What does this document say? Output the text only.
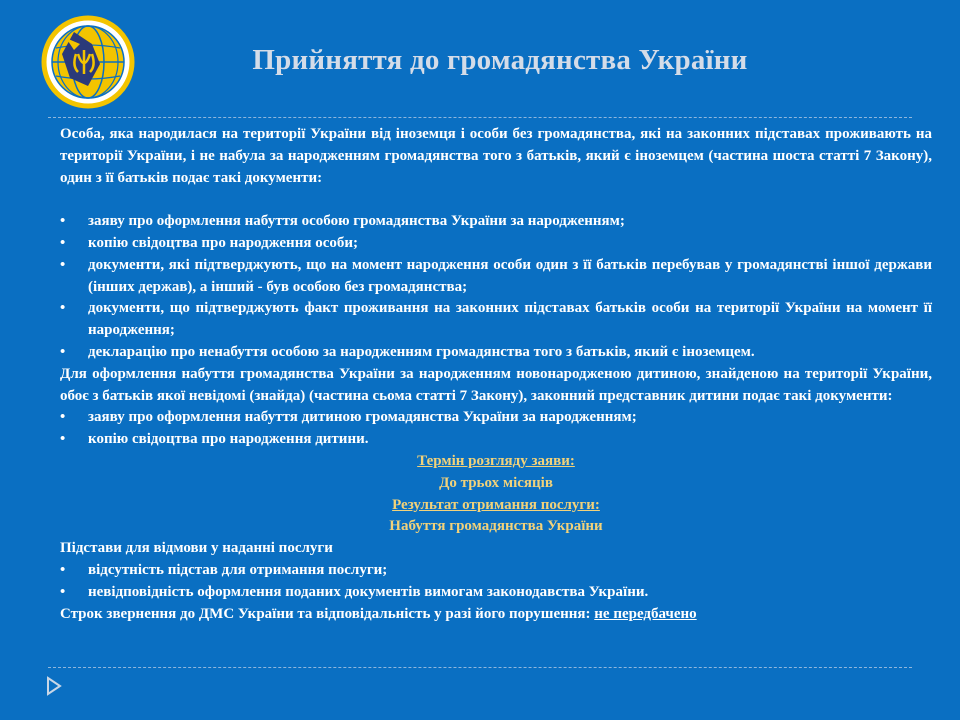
Прийняття до громадянства України

Особа, яка народилася на території України від іноземця і особи без громадянства, які на законних підставах проживають на території України, і не набула за народженням громадянства того з батьків, який є іноземцем (частина шоста статті 7 Закону), один з її батьків подає такі документи:

• заяву про оформлення набуття особою громадянства України за народженням;
• копію свідоцтва про народження особи;
• документи, які підтверджують, що на момент народження особи один з її батьків перебував у громадянстві іншої держави (інших держав), а інший - був особою без громадянства;
• документи, що підтверджують факт проживання на законних підставах батьків особи на території України на момент її народження;
• декларацію про ненабуття особою за народженням громадянства того з батьків, який є іноземцем.

Для оформлення набуття громадянства України за народженням новонародженою дитиною, знайденою на території України, обоє з батьків якої невідомі (знайда) (частина сьома статті 7 Закону), законний представник дитини подає такі документи:

• заяву про оформлення набуття дитиною громадянства України за народженням;
• копію свідоцтва про народження дитини.

Термін розгляду заяви:

До трьох місяців

Результат отримання послуги:

Набуття громадянства України

Підстави для відмови у наданні послуги

• відсутність підстав для отримання послуги;
• невідповідність оформлення поданих документів вимогам законодавства України.

Строк звернення до ДМС України та відповідальність у разі його порушення: не передбачено
